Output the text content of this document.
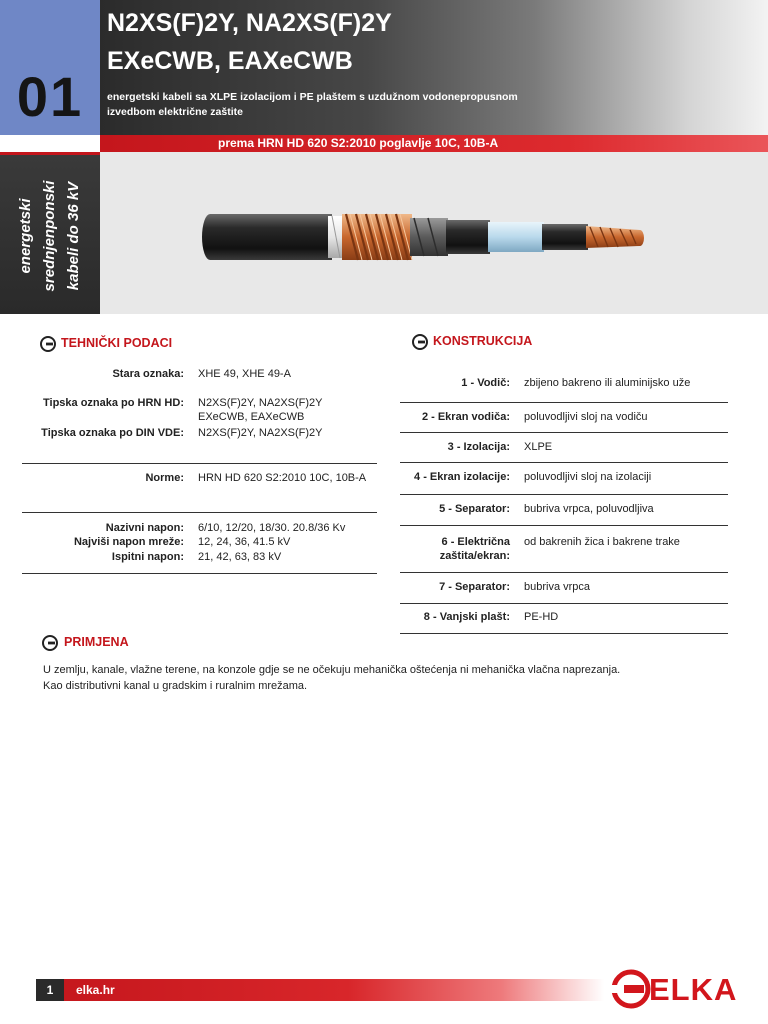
01
N2XS(F)2Y, NA2XS(F)2Y
EXeCWB, EAXeCWB
energetski kabeli sa XLPE izolacijom i PE plaštem s uzdužnom vodonepropusnom izvedbom električne zaštite
prema HRN HD 620 S2:2010 poglavlje 10C, 10B-A
energetski srednjenponski kabeli do 36 kV
TEHNIČKI PODACI
Stara oznaka: XHE 49, XHE 49-A
Tipska oznaka po HRN HD: N2XS(F)2Y, NA2XS(F)2Y
EXeCWB, EAXeCWB
Tipska oznaka po DIN VDE: N2XS(F)2Y, NA2XS(F)2Y
Norme: HRN HD 620 S2:2010 10C, 10B-A
Nazivni napon: 6/10, 12/20, 18/30. 20.8/36 Kv
Najviši napon mreže: 12, 24, 36, 41.5 kV
Ispitni napon: 21, 42, 63, 83 kV
KONSTRUKCIJA
1 - Vodič: zbijeno bakreno ili aluminijsko uže
2 - Ekran vodiča: poluvodljivi sloj na vodiču
3 - Izolacija: XLPE
4 - Ekran izolacije: poluvodljivi sloj na izolaciji
5 - Separator: bubriva vrpca, poluvodljiva
6 - Električna
zaštita/ekran:
od bakrenih žica i bakrene trake
7 - Separator: bubriva vrpca
8 - Vanjski plašt: PE-HD
PRIMJENA
U zemlju, kanale, vlažne terene, na konzole gdje se ne očekuju mehanička oštećenja ni mehanička vlačna naprezanja.
Kao distributivni kanal u gradskim i ruralnim mrežama.
1	elka.hr	ELKA
